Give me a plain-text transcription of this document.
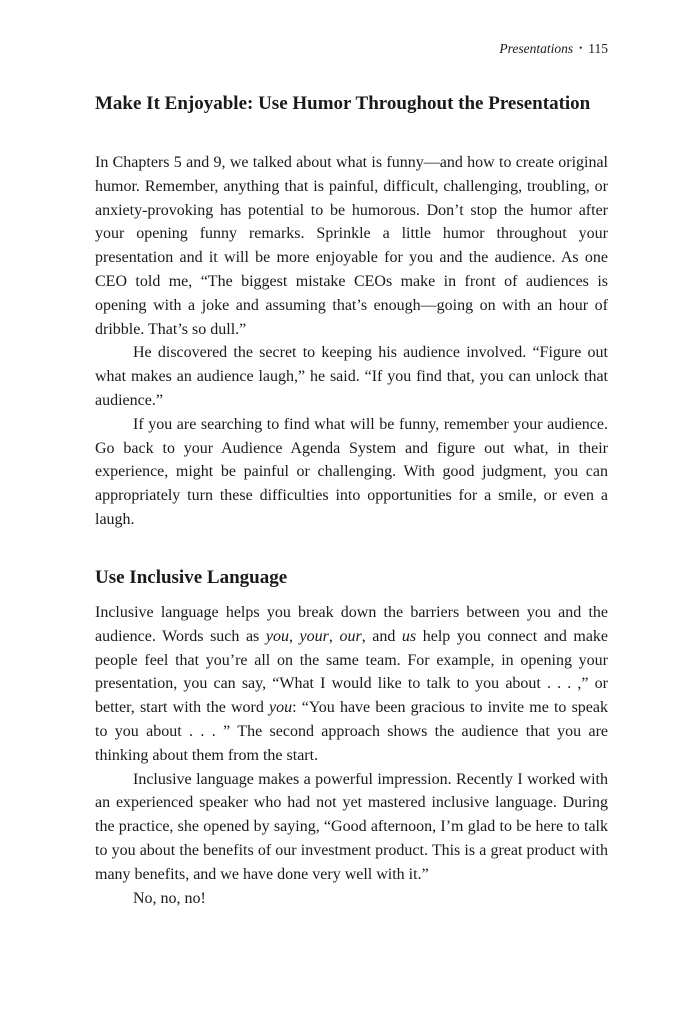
Presentations • 115
Make It Enjoyable: Use Humor Throughout the Presentation

In Chapters 5 and 9, we talked about what is funny—and how to create original humor. Remember, anything that is painful, difficult, challenging, troubling, or anxiety-provoking has potential to be humorous. Don’t stop the humor after your opening funny remarks. Sprinkle a little humor throughout your presentation and it will be more enjoyable for you and the audience. As one CEO told me, “The biggest mistake CEOs make in front of audiences is opening with a joke and assuming that’s enough—going on with an hour of dribble. That’s so dull.”

He discovered the secret to keeping his audience involved. “Figure out what makes an audience laugh,” he said. “If you find that, you can unlock that audience.”

If you are searching to find what will be funny, remember your audience. Go back to your Audience Agenda System and figure out what, in their experience, might be painful or challenging. With good judgment, you can appropriately turn these difficulties into opportunities for a smile, or even a laugh.

Use Inclusive Language

Inclusive language helps you break down the barriers between you and the audience. Words such as you, your, our, and us help you connect and make people feel that you’re all on the same team. For example, in opening your presentation, you can say, “What I would like to talk to you about . . . ,” or better, start with the word you: “You have been gracious to invite me to speak to you about . . . ” The second approach shows the audience that you are thinking about them from the start.

Inclusive language makes a powerful impression. Recently I worked with an experienced speaker who had not yet mastered inclusive language. During the practice, she opened by saying, “Good afternoon, I’m glad to be here to talk to you about the benefits of our investment product. This is a great product with many benefits, and we have done very well with it.”

No, no, no!
